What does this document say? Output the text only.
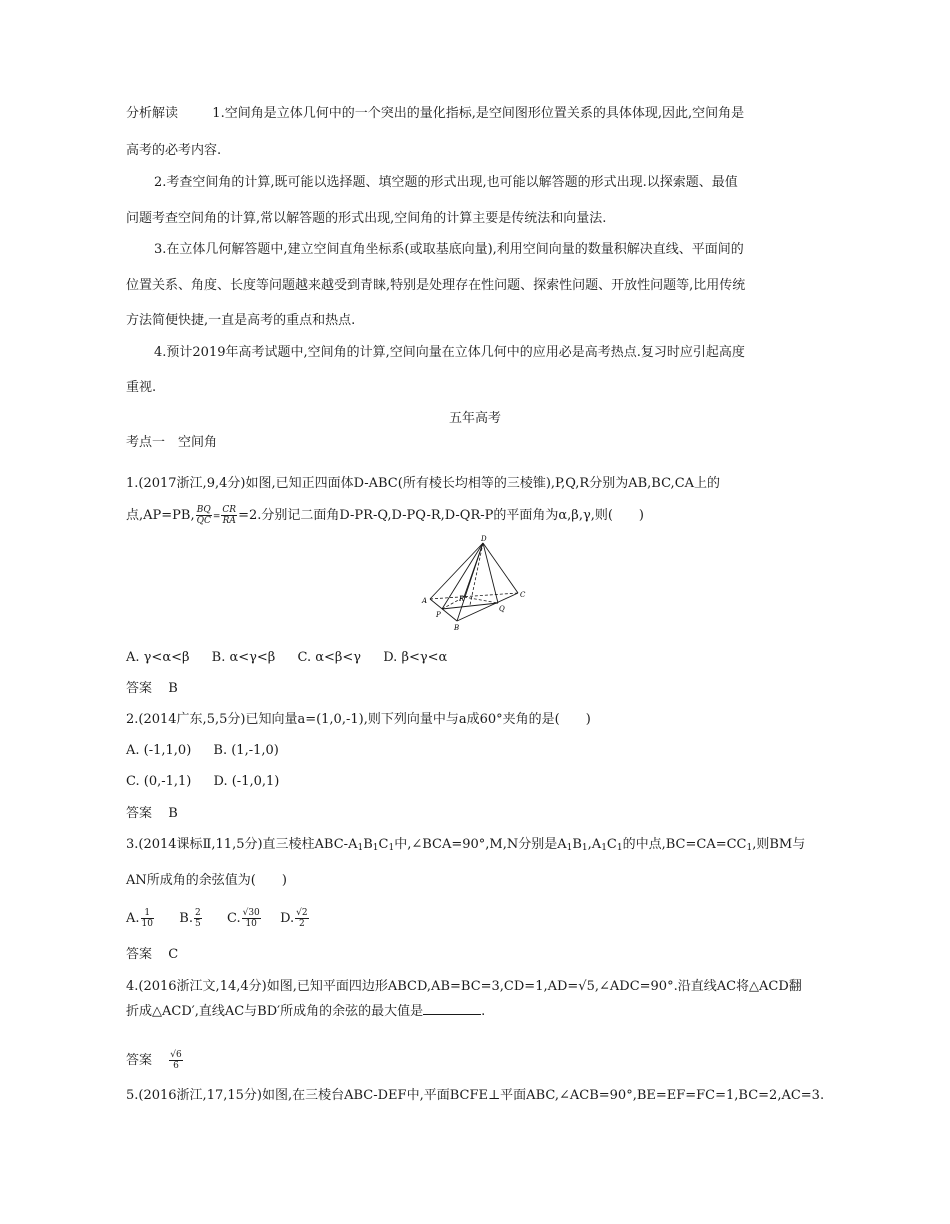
分析解读	1.空间角是立体几何中的一个突出的量化指标,是空间图形位置关系的具体体现,因此,空间角是
高考的必考内容.
2.考查空间角的计算,既可能以选择题、填空题的形式出现,也可能以解答题的形式出现.以探索题、最值
问题考查空间角的计算,常以解答题的形式出现,空间角的计算主要是传统法和向量法.
3.在立体几何解答题中,建立空间直角坐标系(或取基底向量),利用空间向量的数量积解决直线、平面间的
位置关系、角度、长度等问题越来越受到青睐,特别是处理存在性问题、探索性问题、开放性问题等,比用传统
方法简便快捷,一直是高考的重点和热点.
4.预计2019年高考试题中,空间角的计算,空间向量在立体几何中的应用必是高考热点.复习时应引起高度
重视.
五年高考
考点一　空间角
1.(2017浙江,9,4分)如图,已知正四面体D-ABC(所有棱长均相等的三棱锥),P,Q,R分别为AB,BC,CA上的
点,AP=PB, $\frac{BQ}{QC} = \frac{CR}{RA} =2$.分别记二面角D-PR-Q,D-PQ-R,D-QR-P的平面角为α,β,γ,则(　　)
D
A
B
C
P
Q
R
A. γ<α<β B. α<γ<β C. α<β<γ D. β<γ<α
答案 B
2.(2014广东,5,5分)已知向量a=(1,0,-1),则下列向量中与a成60°夹角的是(　　)
A. (-1,1,0) B. (1,-1,0)
C. (0,-1,1) D. (-1,0,1)
答案 B
3.(2014课标Ⅱ,11,5分)直三棱柱ABC-$A_1B_1C_1$中,∠BCA=90°,M,N分别是$A_1B_1,A_1C_1$的中点$,BC=CA=CC_1$,则BM与
AN所成角的余弦值为(　　)
A. $\frac{1}{10} B$. $\frac{2}{5} C$. $\frac{√30}{10} D$. $\frac{√2}{2}$
答案 C
4.(2016浙江文,14,4分)如图,已知平面四边形ABCD,AB=BC=3,CD=1,AD=√5,∠ADC=90°.沿直线AC将△ACD翻
折成△ACD′,直线AC与BD′所成角的余弦的最大值是	.
答案 $\frac{√6}{6}$
5.(2016浙江,17,15分)如图,在三棱台ABC-DEF中,平面BCFE⊥平面ABC,∠ACB=90°,BE=EF=FC=1,BC=2,AC=3.
